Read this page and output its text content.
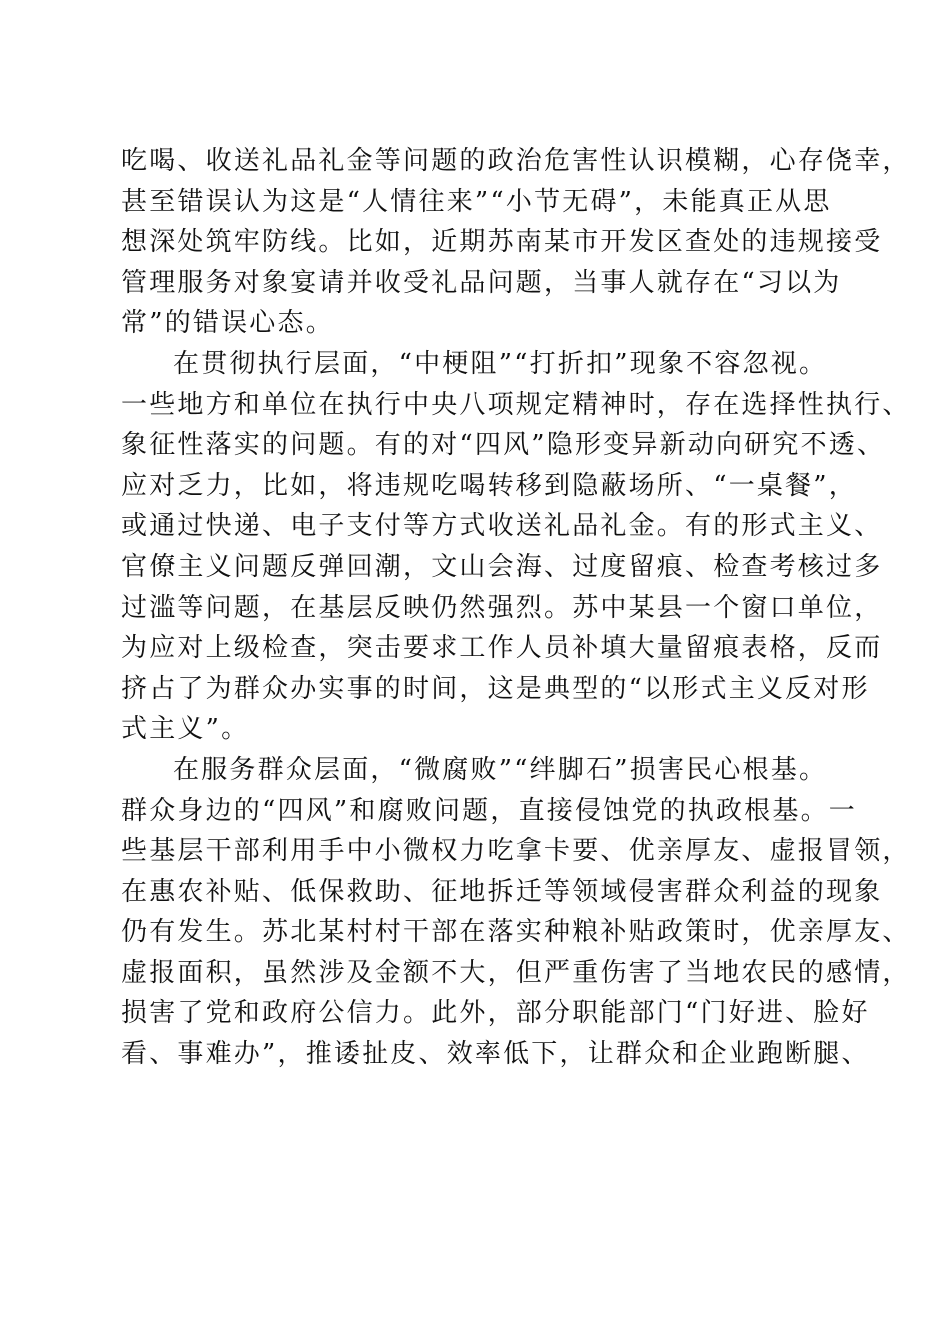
吃喝、收送礼品礼金等问题的政治危害性认识模糊，心存侥幸，
甚至错误认为这是“人情往来”“小节无碍”，未能真正从思
想深处筑牢防线。比如，近期苏南某市开发区查处的违规接受
管理服务对象宴请并收受礼品问题，当事人就存在“习以为
常”的错误心态。
在贯彻执行层面，“中梗阻”“打折扣”现象不容忽视。
一些地方和单位在执行中央八项规定精神时，存在选择性执行、
象征性落实的问题。有的对“四风”隐形变异新动向研究不透、
应对乏力，比如，将违规吃喝转移到隐蔽场所、“一桌餐”，
或通过快递、电子支付等方式收送礼品礼金。有的形式主义、
官僚主义问题反弹回潮，文山会海、过度留痕、检查考核过多
过滥等问题，在基层反映仍然强烈。苏中某县一个窗口单位，
为应对上级检查，突击要求工作人员补填大量留痕表格，反而
挤占了为群众办实事的时间，这是典型的“以形式主义反对形
式主义”。
在服务群众层面，“微腐败”“绊脚石”损害民心根基。
群众身边的“四风”和腐败问题，直接侵蚀党的执政根基。一
些基层干部利用手中小微权力吃拿卡要、优亲厚友、虚报冒领，
在惠农补贴、低保救助、征地拆迁等领域侵害群众利益的现象
仍有发生。苏北某村村干部在落实种粮补贴政策时，优亲厚友、
虚报面积，虽然涉及金额不大，但严重伤害了当地农民的感情，
损害了党和政府公信力。此外，部分职能部门“门好进、脸好
看、事难办”，推诿扯皮、效率低下，让群众和企业跑断腿、
